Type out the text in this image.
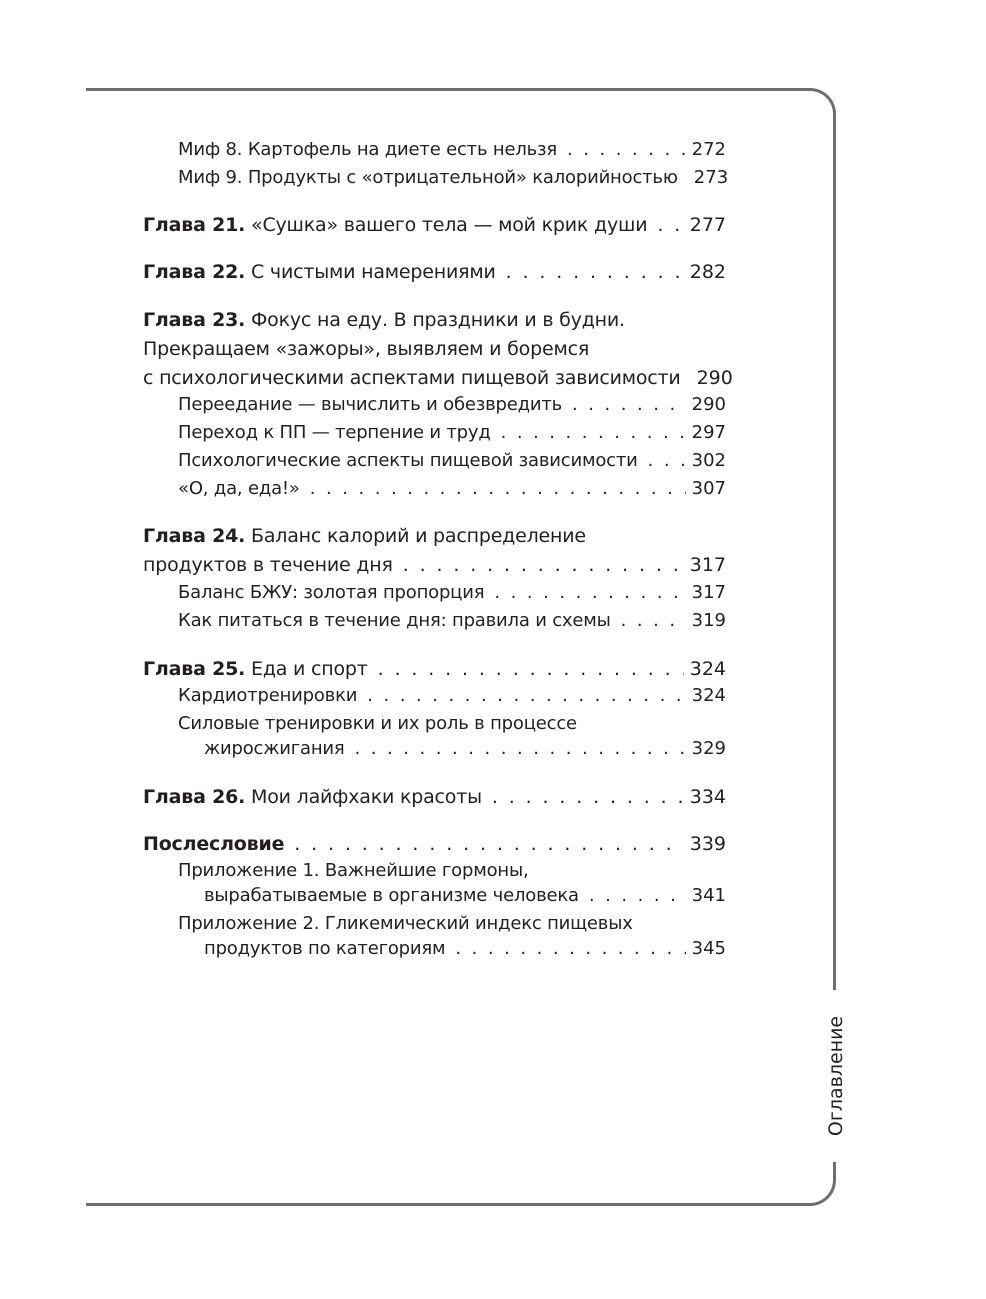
Оглавление
Миф 8. Картофель на диете есть нельзя . . .	272
Миф 9. Продукты с «отрицательной» калорийностью 273
Глава 21. «Сушка» вашего тела — мой крик души . . . 277
Глава 22. С чистыми намерениями . . .	282
Глава 23. Фокус на еду. В праздники и в будни.
Прекращаем «зажоры», выявляем и боремся
с психологическими аспектами пищевой зависимости 290
Переедание — вычислить и обезвредить . . .	290
Переход к ПП — терпение и труд . . .	297
Психологические аспекты пищевой зависимости . . .	302
«О, да, еда!» . . .	307
Глава 24. Баланс калорий и распределение
продуктов в течение дня . . .	317
Баланс БЖУ: золотая пропорция . . .	317
Как питаться в течение дня: правила и схемы . . .	319
Глава 25. Еда и спорт . . .	324
Кардиотренировки . . .	324
Силовые тренировки и их роль в процессе
жиросжигания . . .	329
Глава 26. Мои лайфхаки красоты . . .	334
Послесловие . . .	339
Приложение 1. Важнейшие гормоны,
вырабатываемые в организме человека . . .	341
Приложение 2. Гликемический индекс пищевых
продуктов по категориям . . .	345
